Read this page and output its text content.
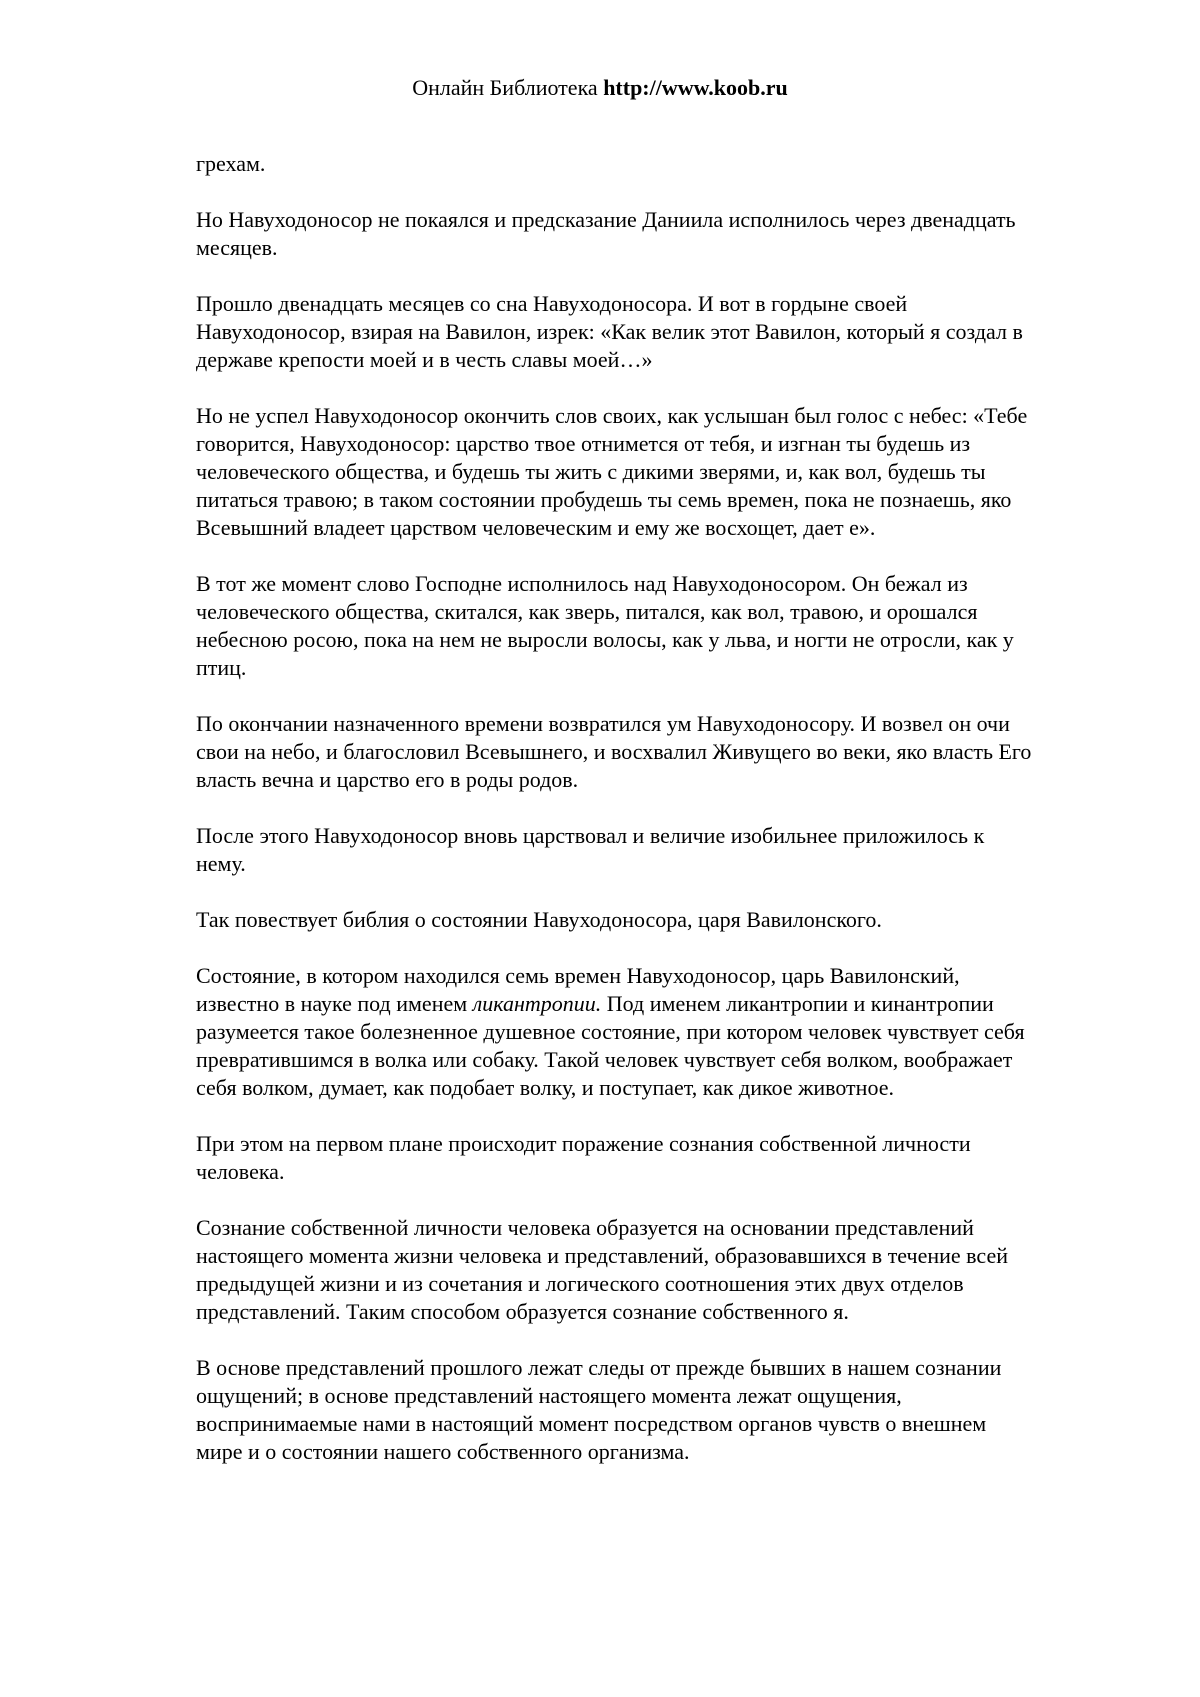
Онлайн Библиотека http://www.koob.ru

грехам.

Но Навуходоносор не покаялся и предсказание Даниила исполнилось через двенадцать месяцев.

Прошло двенадцать месяцев со сна Навуходоносора. И вот в гордыне своей Навуходоносор, взирая на Вавилон, изрек: «Как велик этот Вавилон, который я создал в державе крепости моей и в честь славы моей…»

Но не успел Навуходоносор окончить слов своих, как услышан был голос с небес: «Тебе говорится, Навуходоносор: царство твое отнимется от тебя, и изгнан ты будешь из человеческого общества, и будешь ты жить с дикими зверями, и, как вол, будешь ты питаться травою; в таком состоянии пробудешь ты семь времен, пока не познаешь, яко Всевышний владеет царством человеческим и ему же восхощет, дает е».

В тот же момент слово Господне исполнилось над Навуходоносором. Он бежал из человеческого общества, скитался, как зверь, питался, как вол, травою, и орошался небесною росою, пока на нем не выросли волосы, как у льва, и ногти не отросли, как у птиц.

По окончании назначенного времени возвратился ум Навуходоносору. И возвел он очи свои на небо, и благословил Всевышнего, и восхвалил Живущего во веки, яко власть Его власть вечна и царство его в роды родов.

После этого Навуходоносор вновь царствовал и величие изобильнее приложилось к нему.

Так повествует библия о состоянии Навуходоносора, царя Вавилонского.

Состояние, в котором находился семь времен Навуходоносор, царь Вавилонский, известно в науке под именем ликантропии. Под именем ликантропии и кинантропии разумеется такое болезненное душевное состояние, при котором человек чувствует себя превратившимся в волка или собаку. Такой человек чувствует себя волком, воображает себя волком, думает, как подобает волку, и поступает, как дикое животное.

При этом на первом плане происходит поражение сознания собственной личности человека.

Сознание собственной личности человека образуется на основании представлений настоящего момента жизни человека и представлений, образовавшихся в течение всей предыдущей жизни и из сочетания и логического соотношения этих двух отделов представлений. Таким способом образуется сознание собственного я.

В основе представлений прошлого лежат следы от прежде бывших в нашем сознании ощущений; в основе представлений настоящего момента лежат ощущения, воспринимаемые нами в настоящий момент посредством органов чувств о внешнем мире и о состоянии нашего собственного организма.
